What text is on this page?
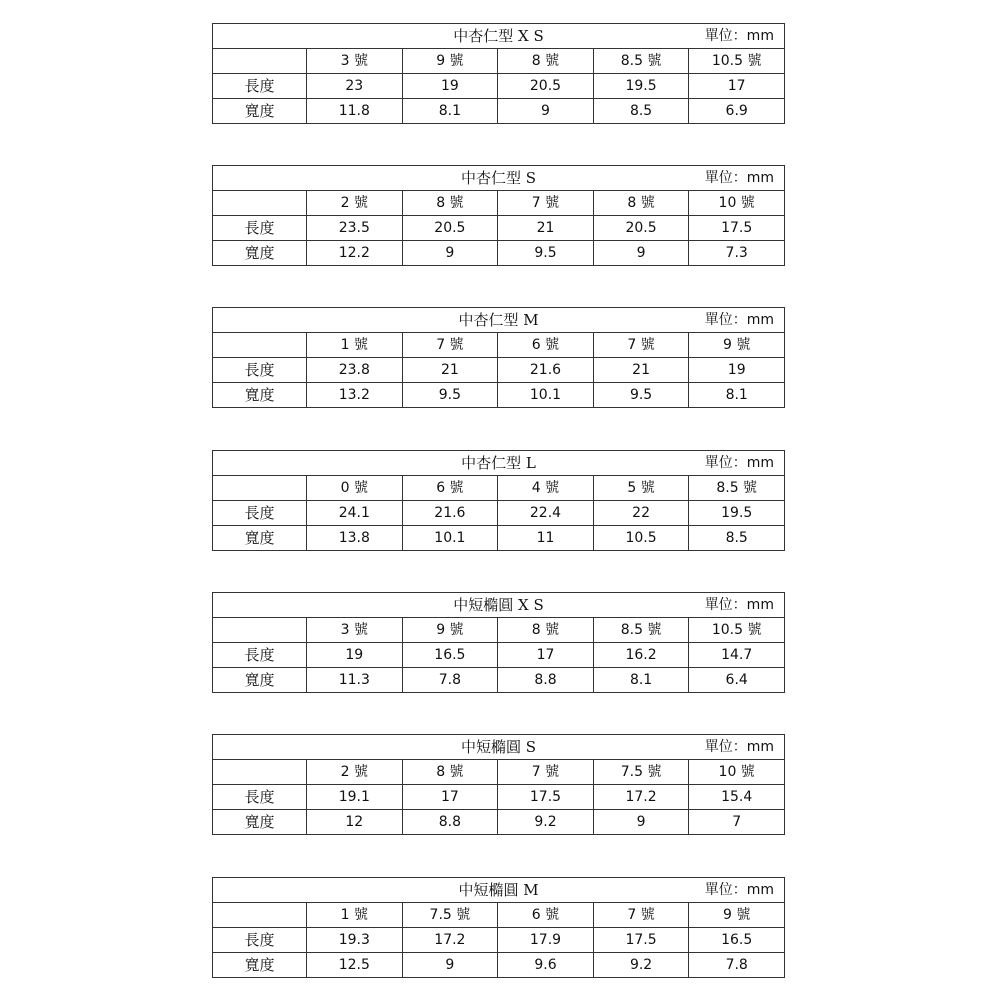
中杏仁型 X S 單位：mm					

	3 號	9 號	8 號	8.5 號	10.5 號
長度	23	19	20.5	19.5	17
寬度	11.8	8.1	9	8.5	6.9
中杏仁型 S 單位：mm					

	2 號	8 號	7 號	8 號	10 號
長度	23.5	20.5	21	20.5	17.5
寬度	12.2	9	9.5	9	7.3
中杏仁型 M 單位：mm					

	1 號	7 號	6 號	7 號	9 號
長度	23.8	21	21.6	21	19
寬度	13.2	9.5	10.1	9.5	8.1
中杏仁型 L 單位：mm					

	0 號	6 號	4 號	5 號	8.5 號
長度	24.1	21.6	22.4	22	19.5
寬度	13.8	10.1	11	10.5	8.5
中短橢圓 X S 單位：mm					

	3 號	9 號	8 號	8.5 號	10.5 號
長度	19	16.5	17	16.2	14.7
寬度	11.3	7.8	8.8	8.1	6.4
中短橢圓 S 單位：mm					

	2 號	8 號	7 號	7.5 號	10 號
長度	19.1	17	17.5	17.2	15.4
寬度	12	8.8	9.2	9	7
中短橢圓 M 單位：mm					

	1 號	7.5 號	6 號	7 號	9 號
長度	19.3	17.2	17.9	17.5	16.5
寬度	12.5	9	9.6	9.2	7.8
